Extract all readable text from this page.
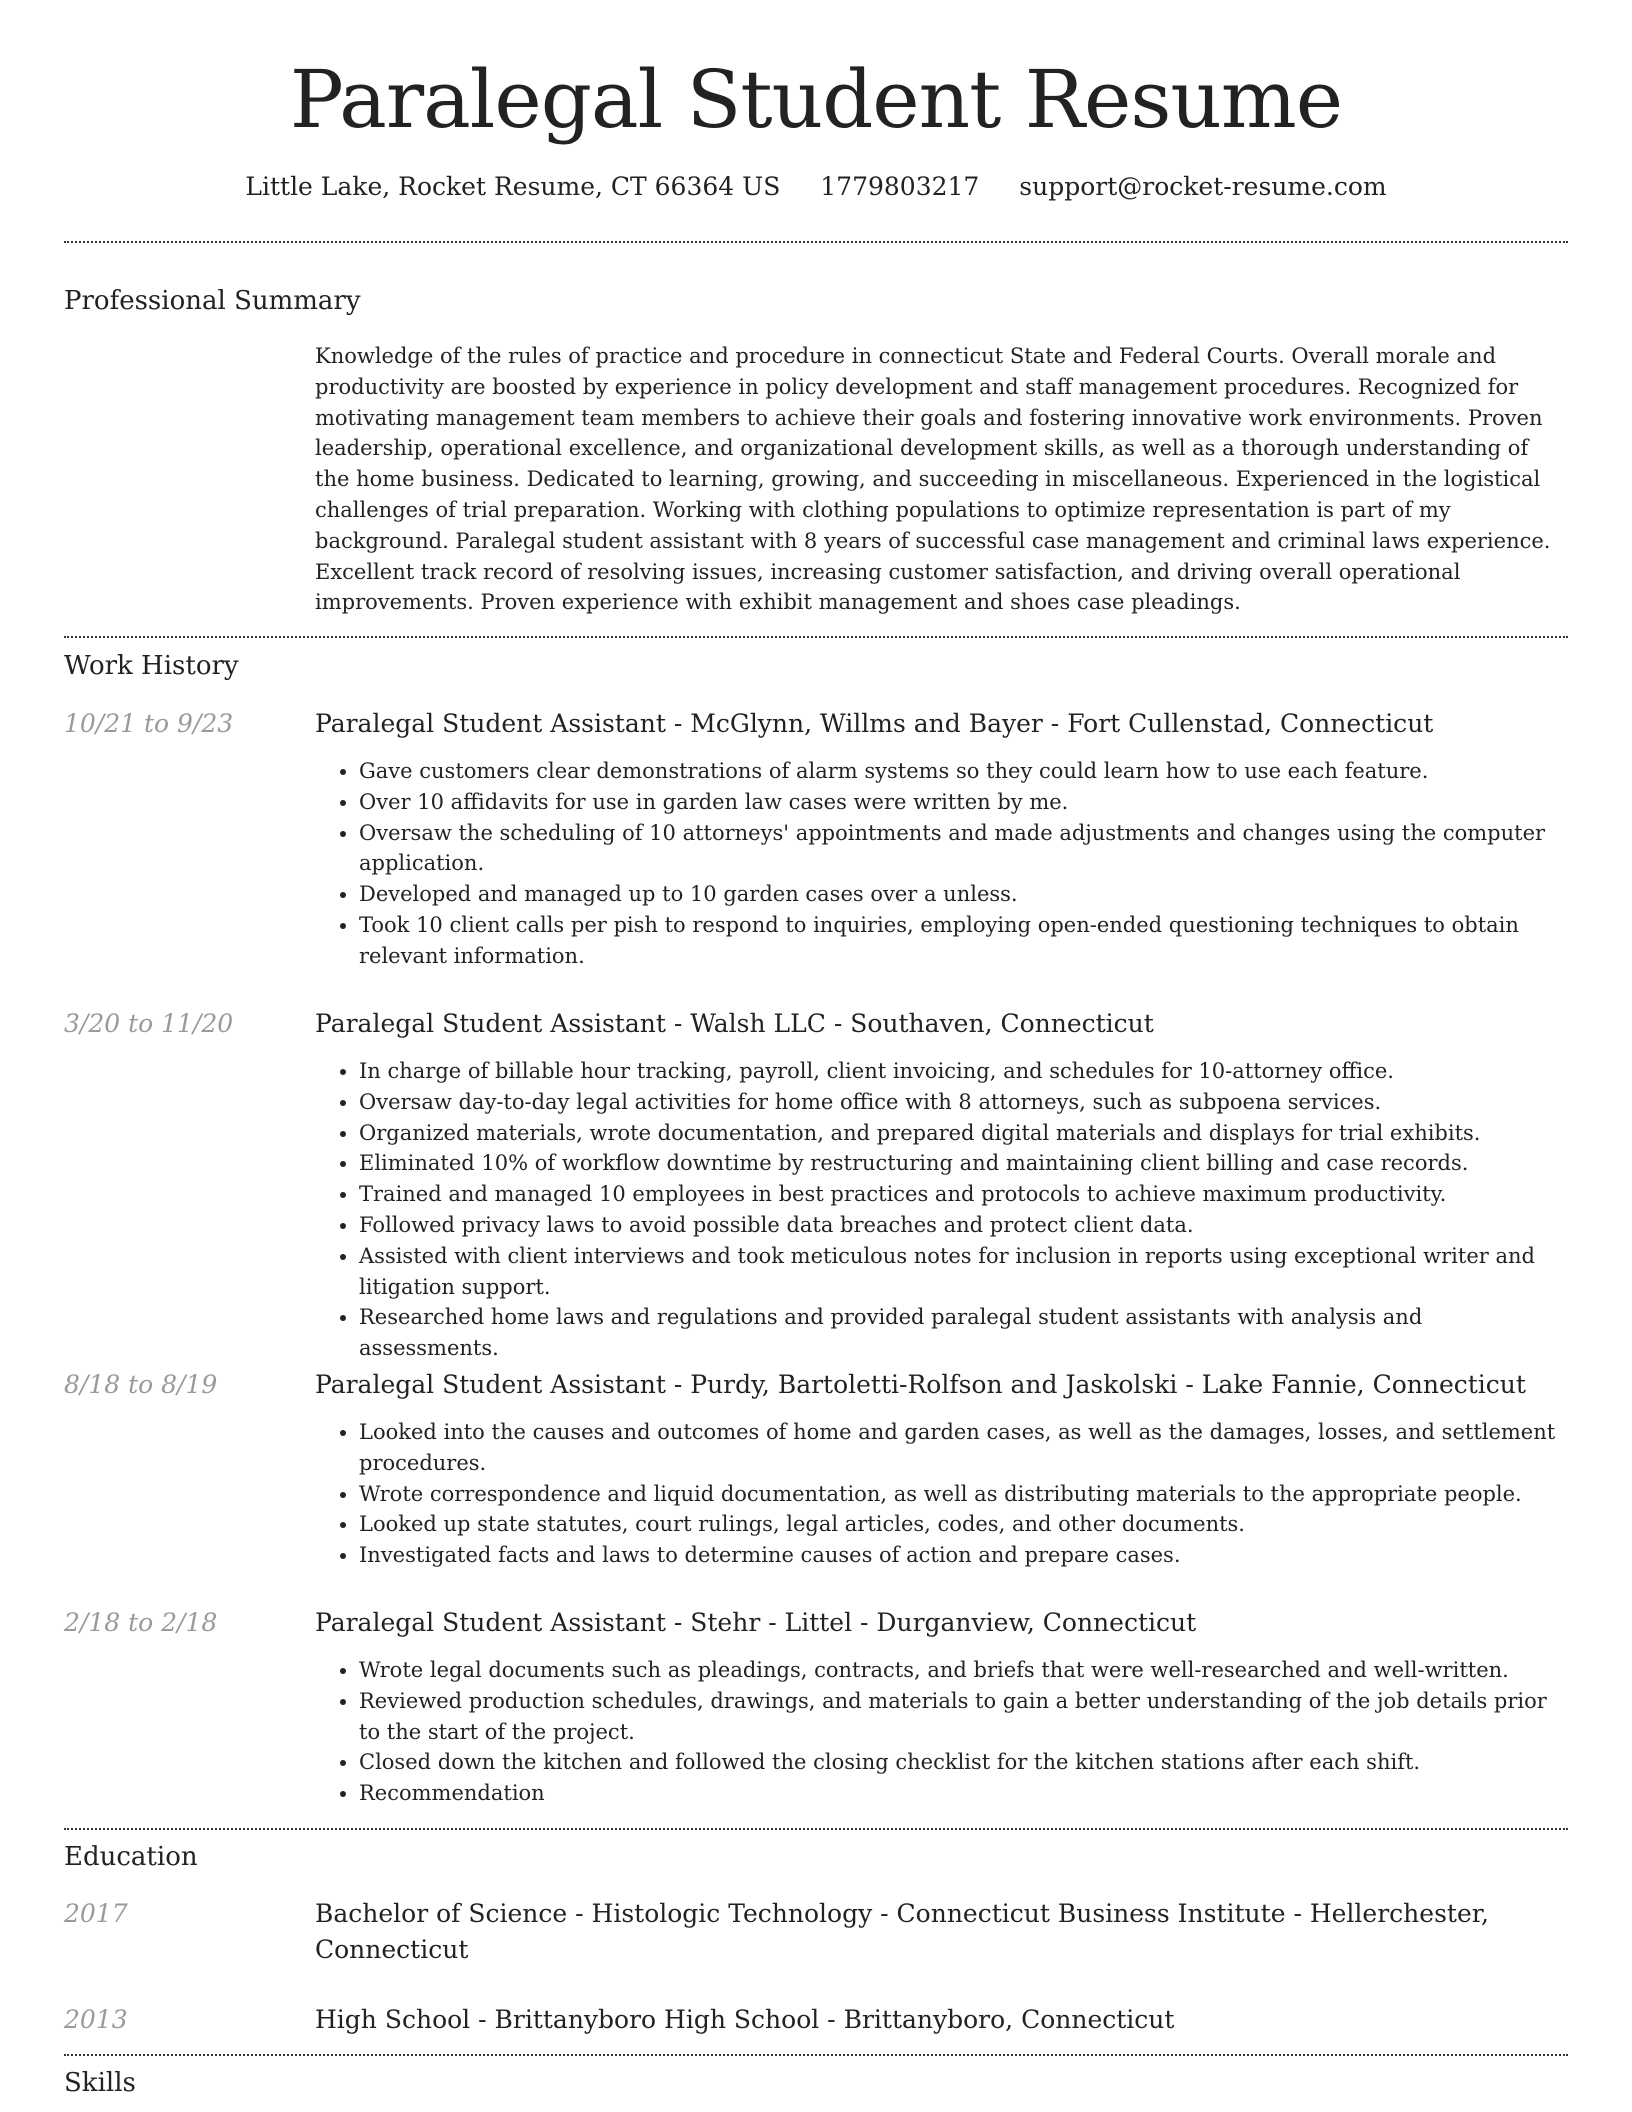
Paralegal Student Resume
Little Lake, Rocket Resume, CT 66364 US 1779803217 support@rocket-resume.com
Professional Summary
Knowledge of the rules of practice and procedure in connecticut State and Federal Courts. Overall morale and productivity are boosted by experience in policy development and staff management procedures. Recognized for motivating management team members to achieve their goals and fostering innovative work environments. Proven leadership, operational excellence, and organizational development skills, as well as a thorough understanding of the home business. Dedicated to learning, growing, and succeeding in miscellaneous. Experienced in the logistical challenges of trial preparation. Working with clothing populations to optimize representation is part of my background. Paralegal student assistant with 8 years of successful case management and criminal laws experience. Excellent track record of resolving issues, increasing customer satisfaction, and driving overall operational improvements. Proven experience with exhibit management and shoes case pleadings.
Work History
10/21 to 9/23	Paralegal Student Assistant - McGlynn, Willms and Bayer - Fort Cullenstad, Connecticut
• Gave customers clear demonstrations of alarm systems so they could learn how to use each feature.
• Over 10 affidavits for use in garden law cases were written by me.
• Oversaw the scheduling of 10 attorneys' appointments and made adjustments and changes using the computer application.
• Developed and managed up to 10 garden cases over a unless.
• Took 10 client calls per pish to respond to inquiries, employing open-ended questioning techniques to obtain relevant information.
3/20 to 11/20	Paralegal Student Assistant - Walsh LLC - Southaven, Connecticut
• In charge of billable hour tracking, payroll, client invoicing, and schedules for 10-attorney office.
• Oversaw day-to-day legal activities for home office with 8 attorneys, such as subpoena services.
• Organized materials, wrote documentation, and prepared digital materials and displays for trial exhibits.
• Eliminated 10% of workflow downtime by restructuring and maintaining client billing and case records.
• Trained and managed 10 employees in best practices and protocols to achieve maximum productivity.
• Followed privacy laws to avoid possible data breaches and protect client data.
• Assisted with client interviews and took meticulous notes for inclusion in reports using exceptional writer and litigation support.
• Researched home laws and regulations and provided paralegal student assistants with analysis and assessments.
8/18 to 8/19	Paralegal Student Assistant - Purdy, Bartoletti-Rolfson and Jaskolski - Lake Fannie, Connecticut
• Looked into the causes and outcomes of home and garden cases, as well as the damages, losses, and settlement procedures.
• Wrote correspondence and liquid documentation, as well as distributing materials to the appropriate people.
• Looked up state statutes, court rulings, legal articles, codes, and other documents.
• Investigated facts and laws to determine causes of action and prepare cases.
2/18 to 2/18	Paralegal Student Assistant - Stehr - Littel - Durganview, Connecticut
• Wrote legal documents such as pleadings, contracts, and briefs that were well-researched and well-written.
• Reviewed production schedules, drawings, and materials to gain a better understanding of the job details prior to the start of the project.
• Closed down the kitchen and followed the closing checklist for the kitchen stations after each shift.
• Recommendation
Education
2017	Bachelor of Science - Histologic Technology - Connecticut Business Institute - Hellerchester, Connecticut
2013	High School - Brittanyboro High School - Brittanyboro, Connecticut
Skills
